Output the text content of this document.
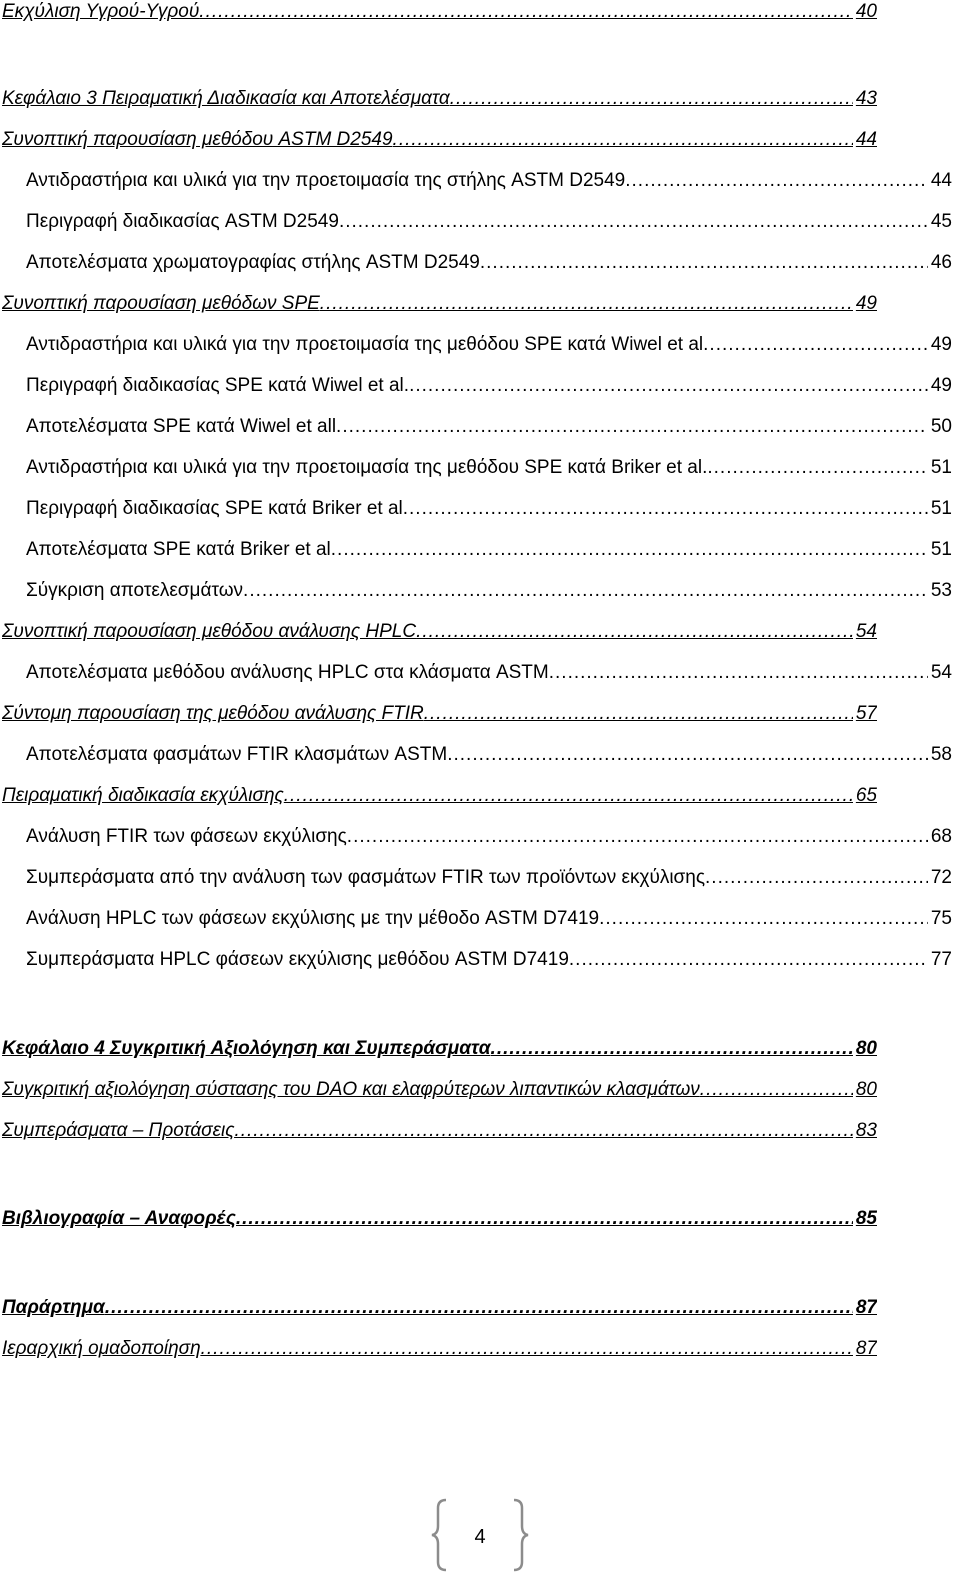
Εκχύλιση Υγρού-Υγρού .....	40
Κεφάλαιο 3 Πειραματική Διαδικασία και Αποτελέσματα .....	43
Συνοπτική παρουσίαση μεθόδου ASTM D2549 .....	44
Αντιδραστήρια και υλικά για την προετοιμασία της στήλης ASTM D2549 .....	44
Περιγραφή διαδικασίας ASTM D2549 .....	45
Αποτελέσματα χρωματογραφίας στήλης ASTM D2549 .....	46
Συνοπτική παρουσίαση μεθόδων SPE .....	49
Αντιδραστήρια και υλικά για την προετοιμασία της μεθόδου SPE κατά Wiwel et al .....	49
Περιγραφή διαδικασίας SPE κατά Wiwel et al. .....	49
Αποτελέσματα SPE κατά Wiwel et all .....	50
Αντιδραστήρια και υλικά για την προετοιμασία της μεθόδου SPE κατά Briker et al. .....	51
Περιγραφή διαδικασίας SPE κατά Briker et al .....	51
Αποτελέσματα SPE κατά Briker et al .....	51
Σύγκριση αποτελεσμάτων .....	53
Συνοπτική παρουσίαση μεθόδου ανάλυσης HPLC .....	54
Αποτελέσματα μεθόδου ανάλυσης HPLC στα κλάσματα ASTM .....	54
Σύντομη παρουσίαση της μεθόδου ανάλυσης FTIR .....	57
Αποτελέσματα φασμάτων FTIR κλασμάτων ASTM .....	58
Πειραματική διαδικασία εκχύλισης .....	65
Ανάλυση FTIR των φάσεων εκχύλισης .....	68
Συμπεράσματα από την ανάλυση των φασμάτων FTIR των προϊόντων εκχύλισης .....	72
Ανάλυση HPLC των φάσεων εκχύλισης με την μέθοδο ASTM D7419 .....	75
Συμπεράσματα HPLC φάσεων εκχύλισης μεθόδου ASTM D7419 .....	77
Κεφάλαιο 4 Συγκριτική Αξιολόγηση και Συμπεράσματα .....	80
Συγκριτική αξιολόγηση σύστασης του DAO και ελαφρύτερων λιπαντικών κλασμάτων .....	80
Συμπεράσματα – Προτάσεις .....	83
Βιβλιογραφία – Αναφορές .....	85
Παράρτημα .....	87
Ιεραρχική ομαδοποίηση .....	87
4
